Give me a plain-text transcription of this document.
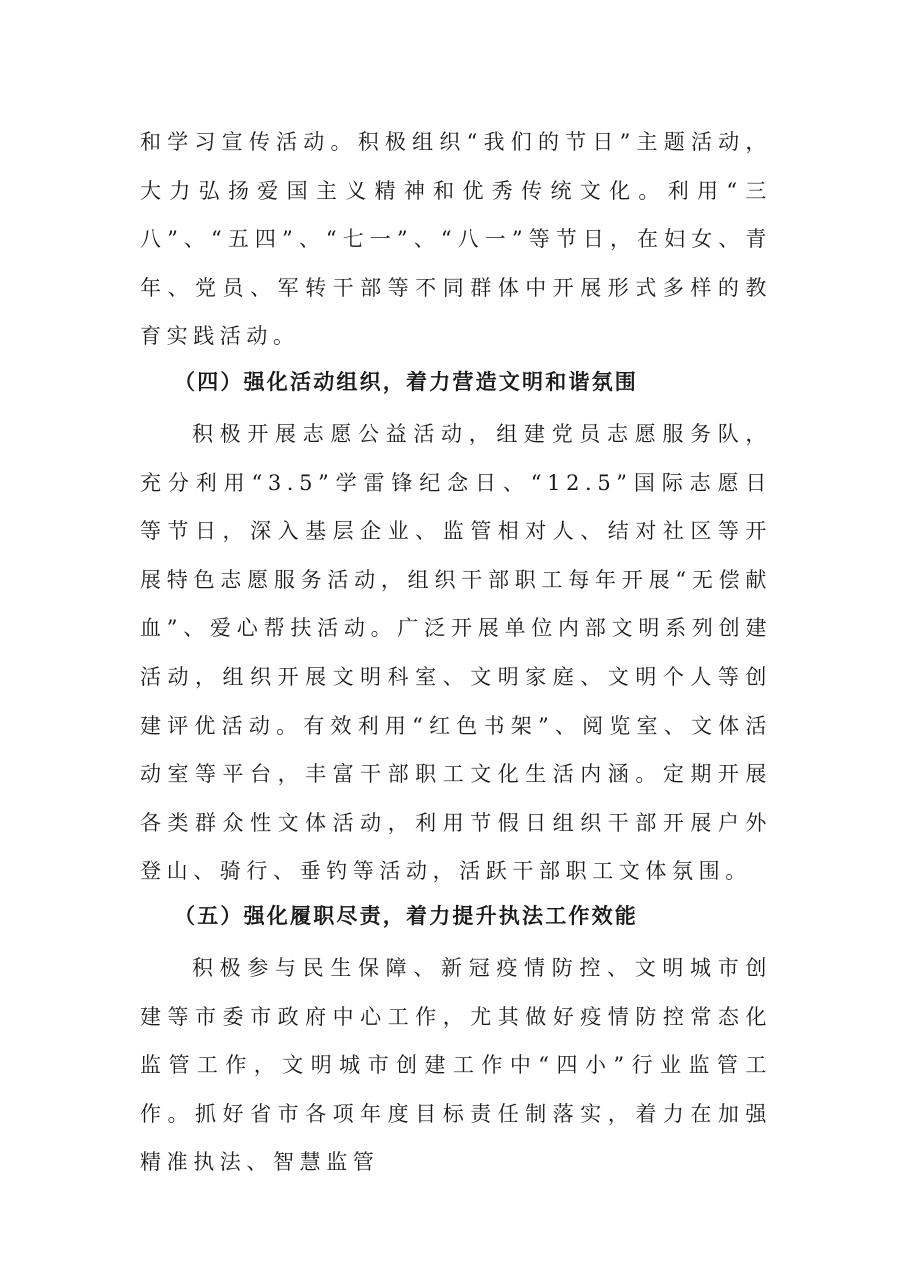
和学习宣传活动。积极组织“我们的节日”主题活动，大力弘扬爱国主义精神和优秀传统文化。利用“三八”、“五四”、“七一”、“八一”等节日，在妇女、青年、党员、军转干部等不同群体中开展形式多样的教育实践活动。

（四）强化活动组织，着力营造文明和谐氛围

积极开展志愿公益活动，组建党员志愿服务队，充分利用“3.5”学雷锋纪念日、“12.5”国际志愿日等节日，深入基层企业、监管相对人、结对社区等开展特色志愿服务活动，组织干部职工每年开展“无偿献血”、爱心帮扶活动。广泛开展单位内部文明系列创建活动，组织开展文明科室、文明家庭、文明个人等创建评优活动。有效利用“红色书架”、阅览室、文体活动室等平台，丰富干部职工文化生活内涵。定期开展各类群众性文体活动，利用节假日组织干部开展户外登山、骑行、垂钓等活动，活跃干部职工文体氛围。

（五）强化履职尽责，着力提升执法工作效能

积极参与民生保障、新冠疫情防控、文明城市创建等市委市政府中心工作，尤其做好疫情防控常态化监管工作，文明城市创建工作中“四小”行业监管工作。抓好省市各项年度目标责任制落实，着力在加强精准执法、智慧监管
